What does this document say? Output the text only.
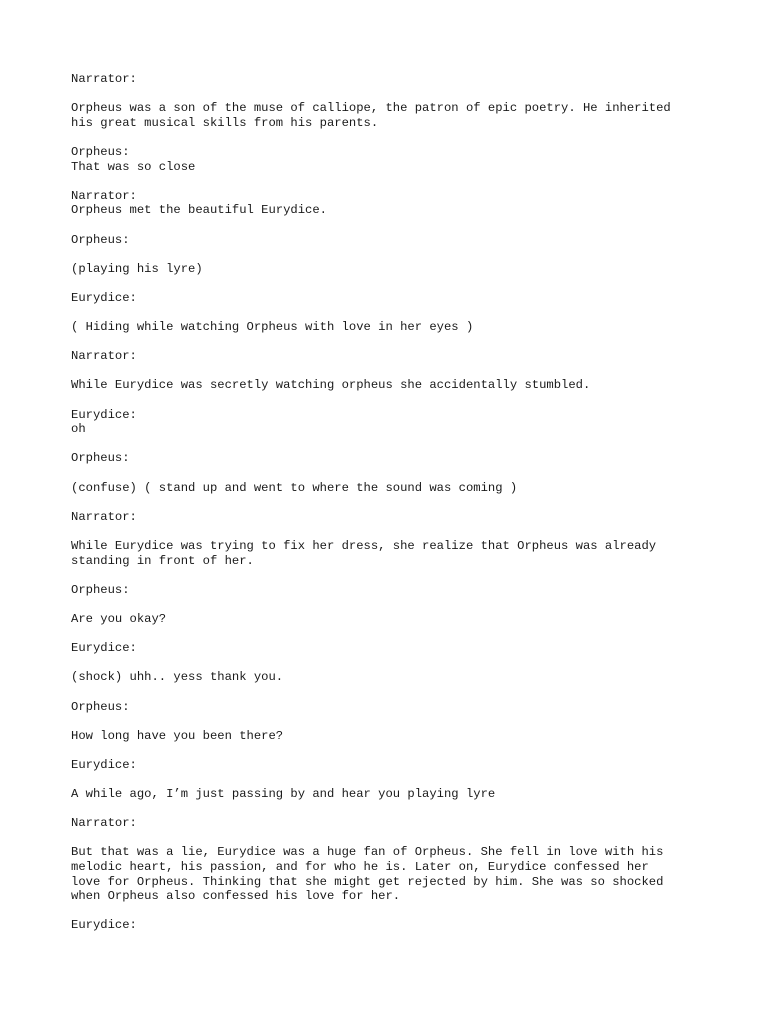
Narrator:
Orpheus was a son of the muse of calliope, the patron of epic poetry. He inherited
his great musical skills from his parents.
Orpheus:
That was so close
Narrator:
Orpheus met the beautiful Eurydice.
Orpheus:
(playing his lyre)
Eurydice:
( Hiding while watching Orpheus with love in her eyes )
Narrator:
While Eurydice was secretly watching orpheus she accidentally stumbled.
Eurydice:
oh
Orpheus:
(confuse) ( stand up and went to where the sound was coming )
Narrator:
While Eurydice was trying to fix her dress, she realize that Orpheus was already
standing in front of her.
Orpheus:
Are you okay?
Eurydice:
(shock) uhh.. yess thank you.
Orpheus:
How long have you been there?
Eurydice:
A while ago, I’m just passing by and hear you playing lyre
Narrator:
But that was a lie, Eurydice was a huge fan of Orpheus. She fell in love with his
melodic heart, his passion, and for who he is. Later on, Eurydice confessed her
love for Orpheus. Thinking that she might get rejected by him. She was so shocked
when Orpheus also confessed his love for her.
Eurydice:
